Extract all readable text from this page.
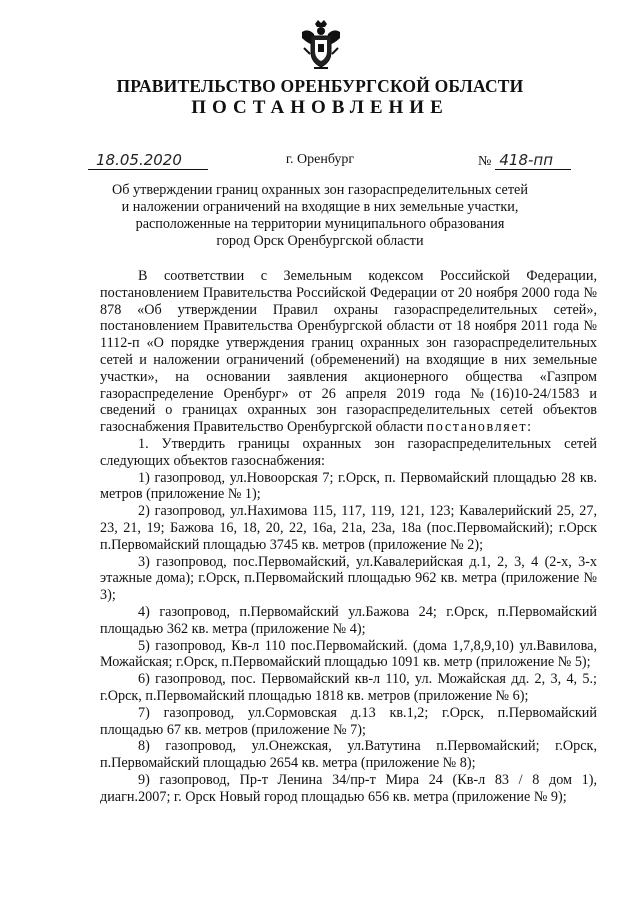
ПРАВИТЕЛЬСТВО ОРЕНБУРГСКОЙ ОБЛАСТИ
ПОСТАНОВЛЕНИЕ
18.05.2020	г. Оренбург	№ 418-пп
Об утверждении границ охранных зон газораспределительных сетей
и наложении ограничений на входящие в них земельные участки,
расположенные на территории муниципального образования
город Орск Оренбургской области

В соответствии с Земельным кодексом Российской Федерации, постановлением Правительства Российской Федерации от 20 ноября 2000 года № 878 «Об утверждении Правил охраны газораспределительных сетей», постановлением Правительства Оренбургской области от 18 ноября 2011 года № 1112-п «О порядке утверждения границ охранных зон газораспределительных сетей и наложении ограничений (обременений) на входящие в них земельные участки», на основании заявления акционерного общества «Газпром газораспределение Оренбург» от 26 апреля 2019 года №(16)10-24/1583 и сведений о границах охранных зон газораспределительных сетей объектов газоснабжения Правительство Оренбургской области постановляет:

1. Утвердить границы охранных зон газораспределительных сетей следующих объектов газоснабжения:

1) газопровод, ул.Новоорская 7; г.Орск, п. Первомайский площадью 28 кв. метров (приложение № 1);

2) газопровод, ул.Нахимова 115, 117, 119, 121, 123; Кавалерийский 25, 27, 23, 21, 19; Бажова 16, 18, 20, 22, 16а, 21а, 23а, 18а (пос.Первомайский); г.Орск п.Первомайский площадью 3745 кв. метров (приложение № 2);

3) газопровод, пос.Первомайский, ул.Кавалерийская д.1, 2, 3, 4 (2-х, 3-х этажные дома); г.Орск, п.Первомайский площадью 962 кв. метра (приложение № 3);

4) газопровод, п.Первомайский ул.Бажова 24; г.Орск, п.Первомайский площадью 362 кв. метра (приложение № 4);

5) газопровод, Кв-л 110 пос.Первомайский. (дома 1,7,8,9,10) ул.Вавилова, Можайская; г.Орск, п.Первомайский площадью 1091 кв. метр (приложение № 5);

6) газопровод, пос. Первомайский кв-л 110, ул. Можайская дд. 2, 3, 4, 5.; г.Орск, п.Первомайский площадью 1818 кв. метров (приложение № 6);

7) газопровод, ул.Сормовская д.13 кв.1,2; г.Орск, п.Первомайский площадью 67 кв. метров (приложение № 7);

8) газопровод, ул.Онежская, ул.Ватутина п.Первомайский; г.Орск, п.Первомайский площадью 2654 кв. метра (приложение № 8);

9) газопровод, Пр-т Ленина 34/пр-т Мира 24 (Кв-л 83 / 8 дом 1), диагн.2007; г. Орск Новый город площадью 656 кв. метра (приложение № 9);
